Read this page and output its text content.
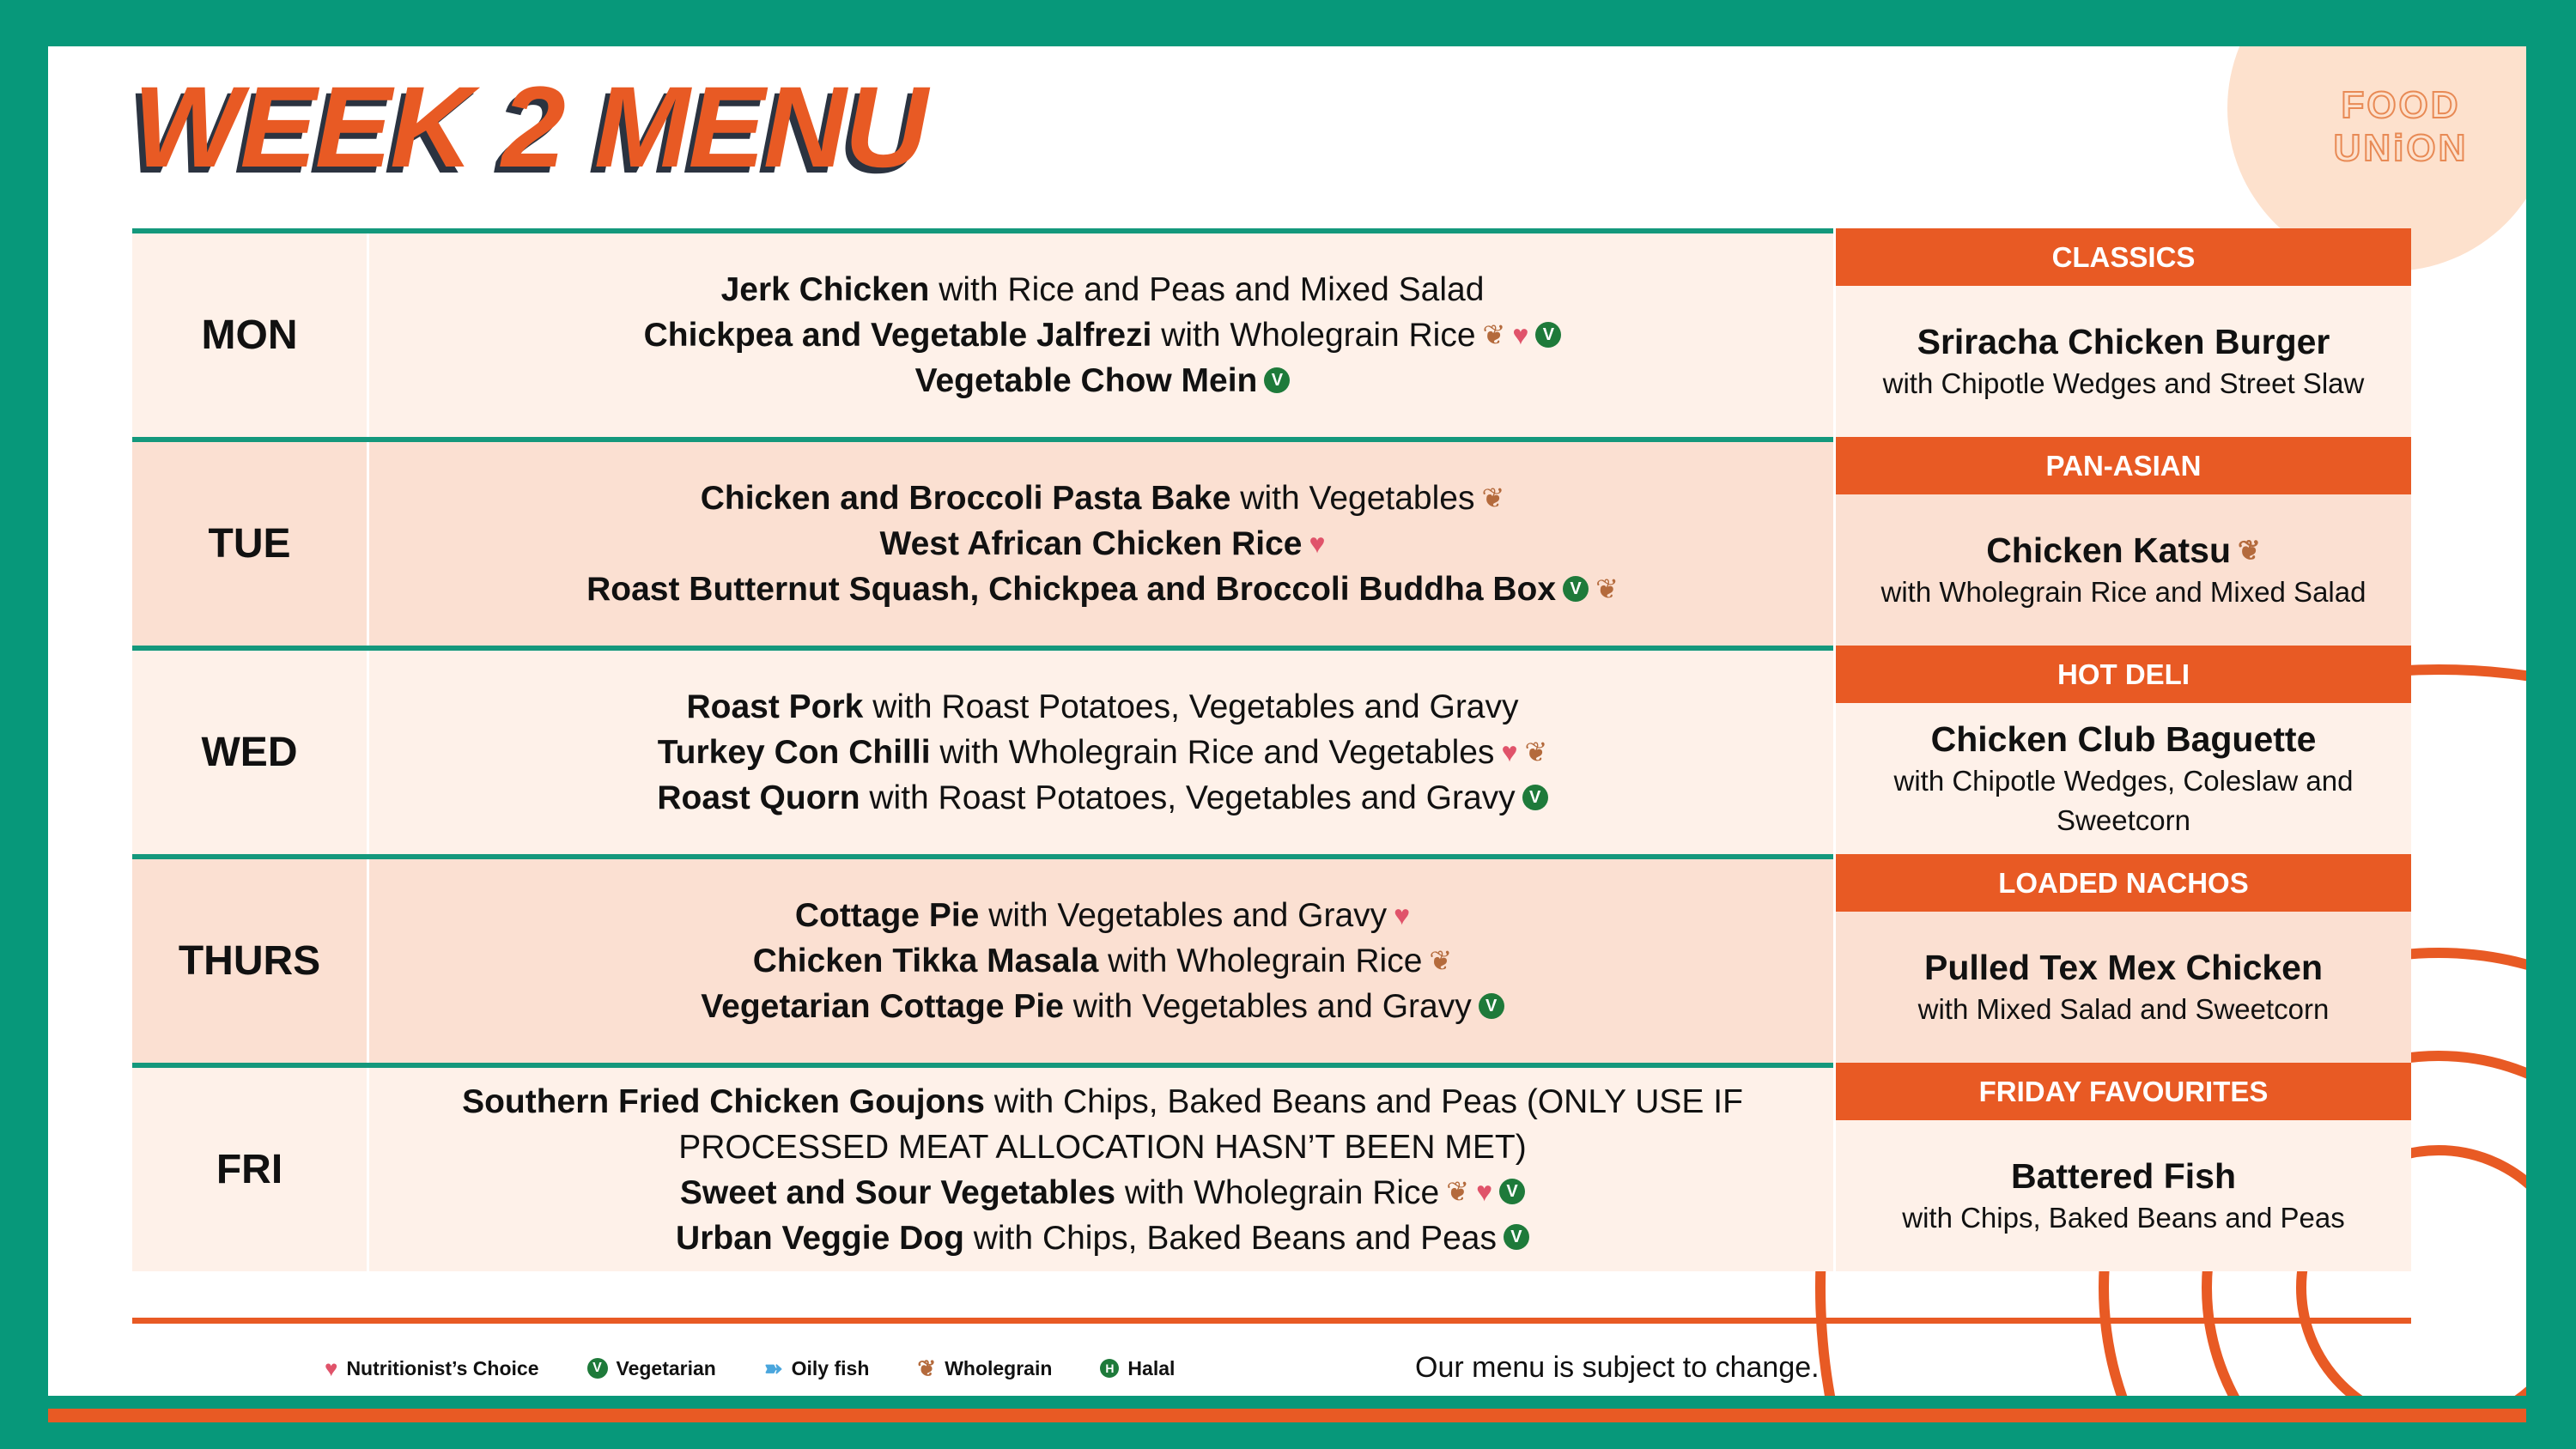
FOOD UNiON
WEEK 2 MENU
MON
Jerk Chicken with Rice and Peas and Mixed Salad
Chickpea and Vegetable Jalfrezi with Wholegrain Rice ❦ ♥ V
Vegetable Chow Mein V
TUE
Chicken and Broccoli Pasta Bake with Vegetables ❦
West African Chicken Rice ♥
Roast Butternut Squash, Chickpea and Broccoli Buddha Box V ❦
WED
Roast Pork with Roast Potatoes, Vegetables and Gravy
Turkey Con Chilli with Wholegrain Rice and Vegetables ♥ ❦
Roast Quorn with Roast Potatoes, Vegetables and Gravy V
THURS
Cottage Pie with Vegetables and Gravy ♥
Chicken Tikka Masala with Wholegrain Rice ❦
Vegetarian Cottage Pie with Vegetables and Gravy V
FRI
Southern Fried Chicken Goujons with Chips, Baked Beans and Peas (ONLY USE IF PROCESSED MEAT ALLOCATION HASN’T BEEN MET)
Sweet and Sour Vegetables with Wholegrain Rice ❦ ♥ V
Urban Veggie Dog with Chips, Baked Beans and Peas V
CLASSICS
Sriracha Chicken Burger
with Chipotle Wedges and Street Slaw
PAN-ASIAN
Chicken Katsu ❦
with Wholegrain Rice and Mixed Salad
HOT DELI
Chicken Club Baguette
with Chipotle Wedges, Coleslaw and Sweetcorn
LOADED NACHOS
Pulled Tex Mex Chicken
with Mixed Salad and Sweetcorn
FRIDAY FAVOURITES
Battered Fish
with Chips, Baked Beans and Peas
♥ Nutritionist’s Choice	V Vegetarian ➽ Oily fish ❦ Wholegrain	H Halal	Our menu is subject to change.
